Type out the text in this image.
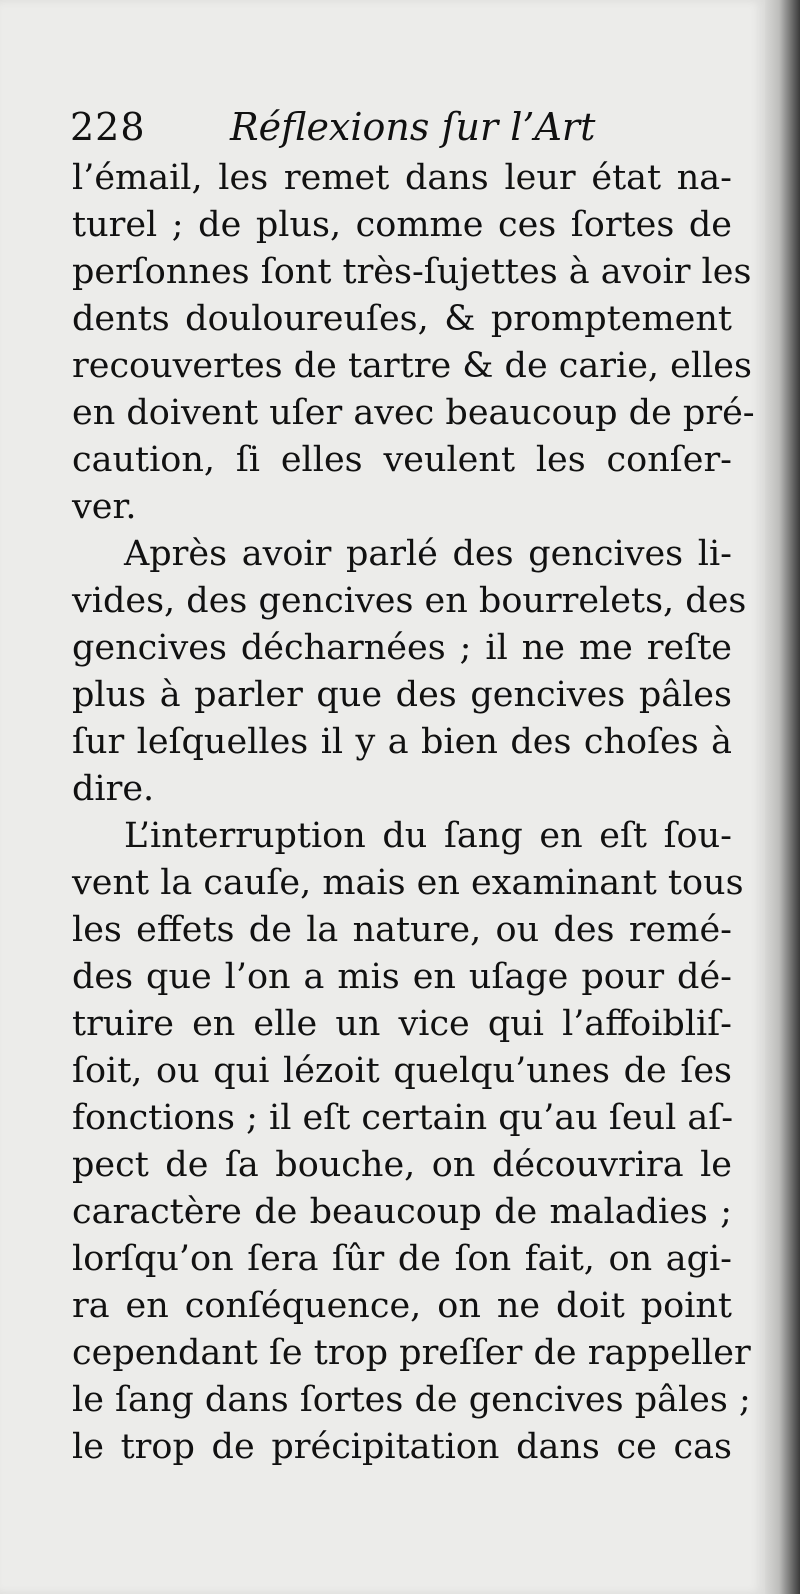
228 Réflexions ſur l’Art
l’émail, les remet dans leur état na-
turel ; de plus, comme ces ſortes de
perſonnes ſont très-ſujettes à avoir les
dents douloureuſes, & promptement
recouvertes de tartre & de carie, elles
en doivent uſer avec beaucoup de pré-
caution, ſi elles veulent les conſer-
ver.
Après avoir parlé des gencives li-
vides, des gencives en bourrelets, des
gencives décharnées ; il ne me reſte
plus à parler que des gencives pâles
ſur leſquelles il y a bien des choſes à
dire.
L’interruption du ſang en eſt ſou-
vent la cauſe, mais en examinant tous
les effets de la nature, ou des remé-
des que l’on a mis en uſage pour dé-
truire en elle un vice qui l’affoibliſ-
ſoit, ou qui lézoit quelqu’unes de ſes
fonctions ; il eſt certain qu’au ſeul aſ-
pect de ſa bouche, on découvrira le
caractère de beaucoup de maladies ;
lorſqu’on ſera ſûr de ſon fait, on agi-
ra en conſéquence, on ne doit point
cependant ſe trop preſſer de rappeller
le ſang dans ſortes de gencives pâles ;
le trop de précipitation dans ce cas
